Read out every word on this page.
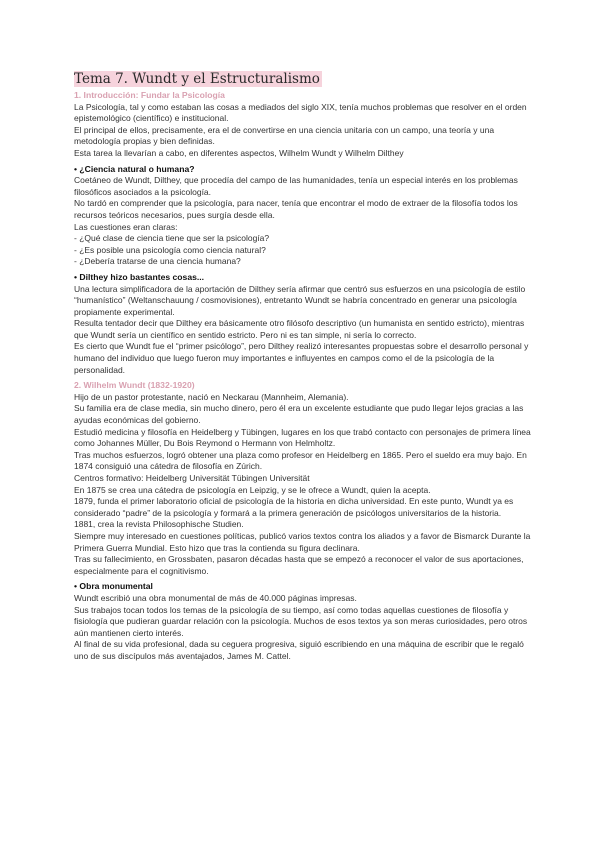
Tema 7. Wundt y el Estructuralismo
1. Introducción: Fundar la Psicología

La Psicología, tal y como estaban las cosas a mediados del siglo XIX, tenía muchos problemas que resolver en el orden epistemológico (científico) e institucional.

El principal de ellos, precisamente, era el de convertirse en una ciencia unitaria con un campo, una teoría y una metodología propias y bien definidas.

Esta tarea la llevarían a cabo, en diferentes aspectos, Wilhelm Wundt y Wilhelm Dilthey

• ¿Ciencia natural o humana?

Coetáneo de Wundt, Dilthey, que procedía del campo de las humanidades, tenía un especial interés en los problemas filosóficos asociados a la psicología.

No tardó en comprender que la psicología, para nacer, tenía que encontrar el modo de extraer de la filosofía todos los recursos teóricos necesarios, pues surgía desde ella.

Las cuestiones eran claras:

- ¿Qué clase de ciencia tiene que ser la psicología?

- ¿Es posible una psicología como ciencia natural?

- ¿Debería tratarse de una ciencia humana?

• Dilthey hizo bastantes cosas...

Una lectura simplificadora de la aportación de Dilthey sería afirmar que centró sus esfuerzos en una psicología de estilo “humanístico” (Weltanschauung / cosmovisiones), entretanto Wundt se habría concentrado en generar una psicología propiamente experimental.

Resulta tentador decir que Dilthey era básicamente otro filósofo descriptivo (un humanista en sentido estricto), mientras que Wundt sería un científico en sentido estricto. Pero ni es tan simple, ni sería lo correcto.

Es cierto que Wundt fue el “primer psicólogo”, pero Dilthey realizó interesantes propuestas sobre el desarrollo personal y humano del individuo que luego fueron muy importantes e influyentes en campos como el de la psicología de la personalidad.

2. Wilhelm Wundt (1832-1920)

Hijo de un pastor protestante, nació en Neckarau (Mannheim, Alemania).

Su familia era de clase media, sin mucho dinero, pero él era un excelente estudiante que pudo llegar lejos gracias a las ayudas económicas del gobierno.

Estudió medicina y filosofía en Heidelberg y Tübingen, lugares en los que trabó contacto con personajes de primera línea como Johannes Müller, Du Bois Reymond o Hermann von Helmholtz.

Tras muchos esfuerzos, logró obtener una plaza como profesor en Heidelberg en 1865. Pero el sueldo era muy bajo. En 1874 consiguió una cátedra de filosofía en Zúrich.

Centros formativo: Heidelberg Universität Tübingen Universität

En 1875 se crea una cátedra de psicología en Leipzig, y se le ofrece a Wundt, quien la acepta.

1879, funda el primer laboratorio oficial de psicología de la historia en dicha universidad. En este punto, Wundt ya es considerado “padre” de la psicología y formará a la primera generación de psicólogos universitarios de la historia.

1881, crea la revista Philosophische Studien.

Siempre muy interesado en cuestiones políticas, publicó varios textos contra los aliados y a favor de Bismarck Durante la Primera Guerra Mundial. Esto hizo que tras la contienda su figura declinara.

Tras su fallecimiento, en Grossbaten, pasaron décadas hasta que se empezó a reconocer el valor de sus aportaciones, especialmente para el cognitivismo.

• Obra monumental

Wundt escribió una obra monumental de más de 40.000 páginas impresas.

Sus trabajos tocan todos los temas de la psicología de su tiempo, así como todas aquellas cuestiones de filosofía y fisiología que pudieran guardar relación con la psicología. Muchos de esos textos ya son meras curiosidades, pero otros aún mantienen cierto interés.

Al final de su vida profesional, dada su ceguera progresiva, siguió escribiendo en una máquina de escribir que le regaló uno de sus discípulos más aventajados, James M. Cattel.
